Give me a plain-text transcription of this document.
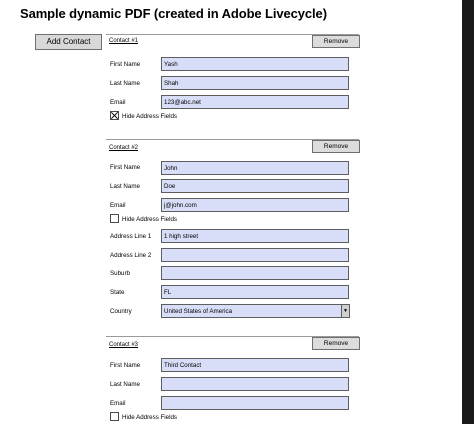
Sample dynamic PDF (created in Adobe Livecycle)
Add Contact	Contact #1	Remove
First Name	Yash
Last Name	Shah
Email	123@abc.net
Hide Address Fields
Contact #2	Remove
First Name	John
Last Name	Doe
Email	j@john.com
Hide Address Fields
Address Line 1	1 high street
Address Line 2
Suburb
State	FL
Country	United States of America	▼
Contact #3	Remove
First Name	Third Contact
Last Name
Email
Hide Address Fields
